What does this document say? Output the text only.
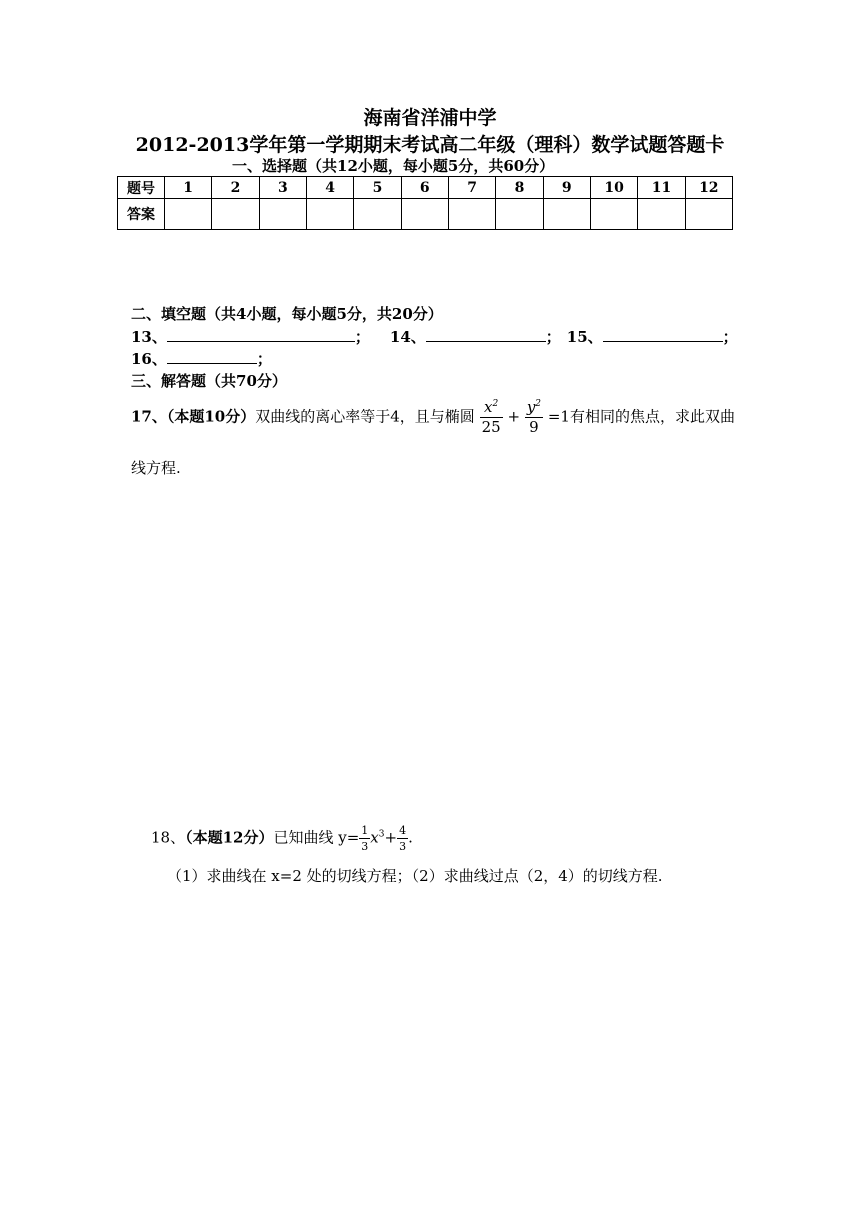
海南省洋浦中学
2012-2013学年第一学期期末考试高二年级（理科）数学试题答题卡
一、选择题（共12小题，每小题5分，共60分）
题号	1	2	3	4	5	6	7	8	9	10	11	12
答案												
二、填空题（共4小题，每小题5分，共20分）
13、	； 14、	； 15、	；
16、	；
三、解答题（共70分）
17、（本题10分）双曲线的离心率等于4，且与椭圆 $\frac{x^2}{25} + \frac{y^2}{9} =1$有相同的焦点，求此双曲
线方程.
18、（本题12分）已知曲线 $y= \frac{1}{3} x^3+ \frac{4}{3}$ .
（1）求曲线在 x=2 处的切线方程；（2）求曲线过点（2，4）的切线方程.
